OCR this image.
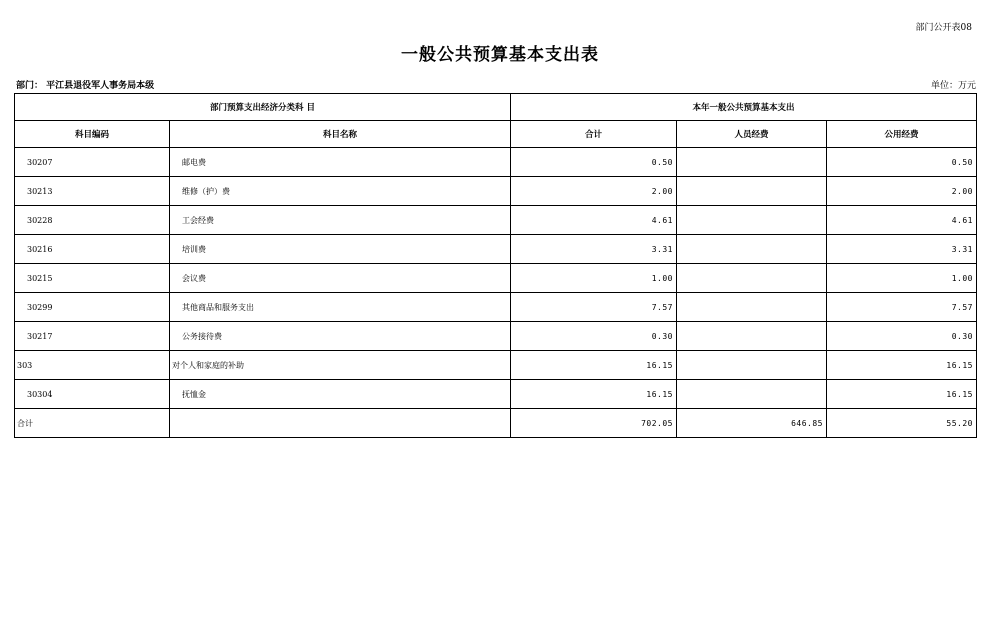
部门公开表08
一般公共预算基本支出表
部门： 平江县退役军人事务局本级	单位：万元
部门预算支出经济分类科 目		本年一般公共预算基本支出		
科目编码	科目名称	合计	人员经费	公用经费
30207	邮电费	0.50		0.50
30213	维修（护）费	2.00		2.00
30228	工会经费	4.61		4.61
30216	培训费	3.31		3.31
30215	会议费	1.00		1.00
30299	其他商品和服务支出	7.57		7.57
30217	公务接待费	0.30		0.30
303	对个人和家庭的补助	16.15		16.15
30304	抚恤金	16.15		16.15
合计		702.05	646.85	55.20
